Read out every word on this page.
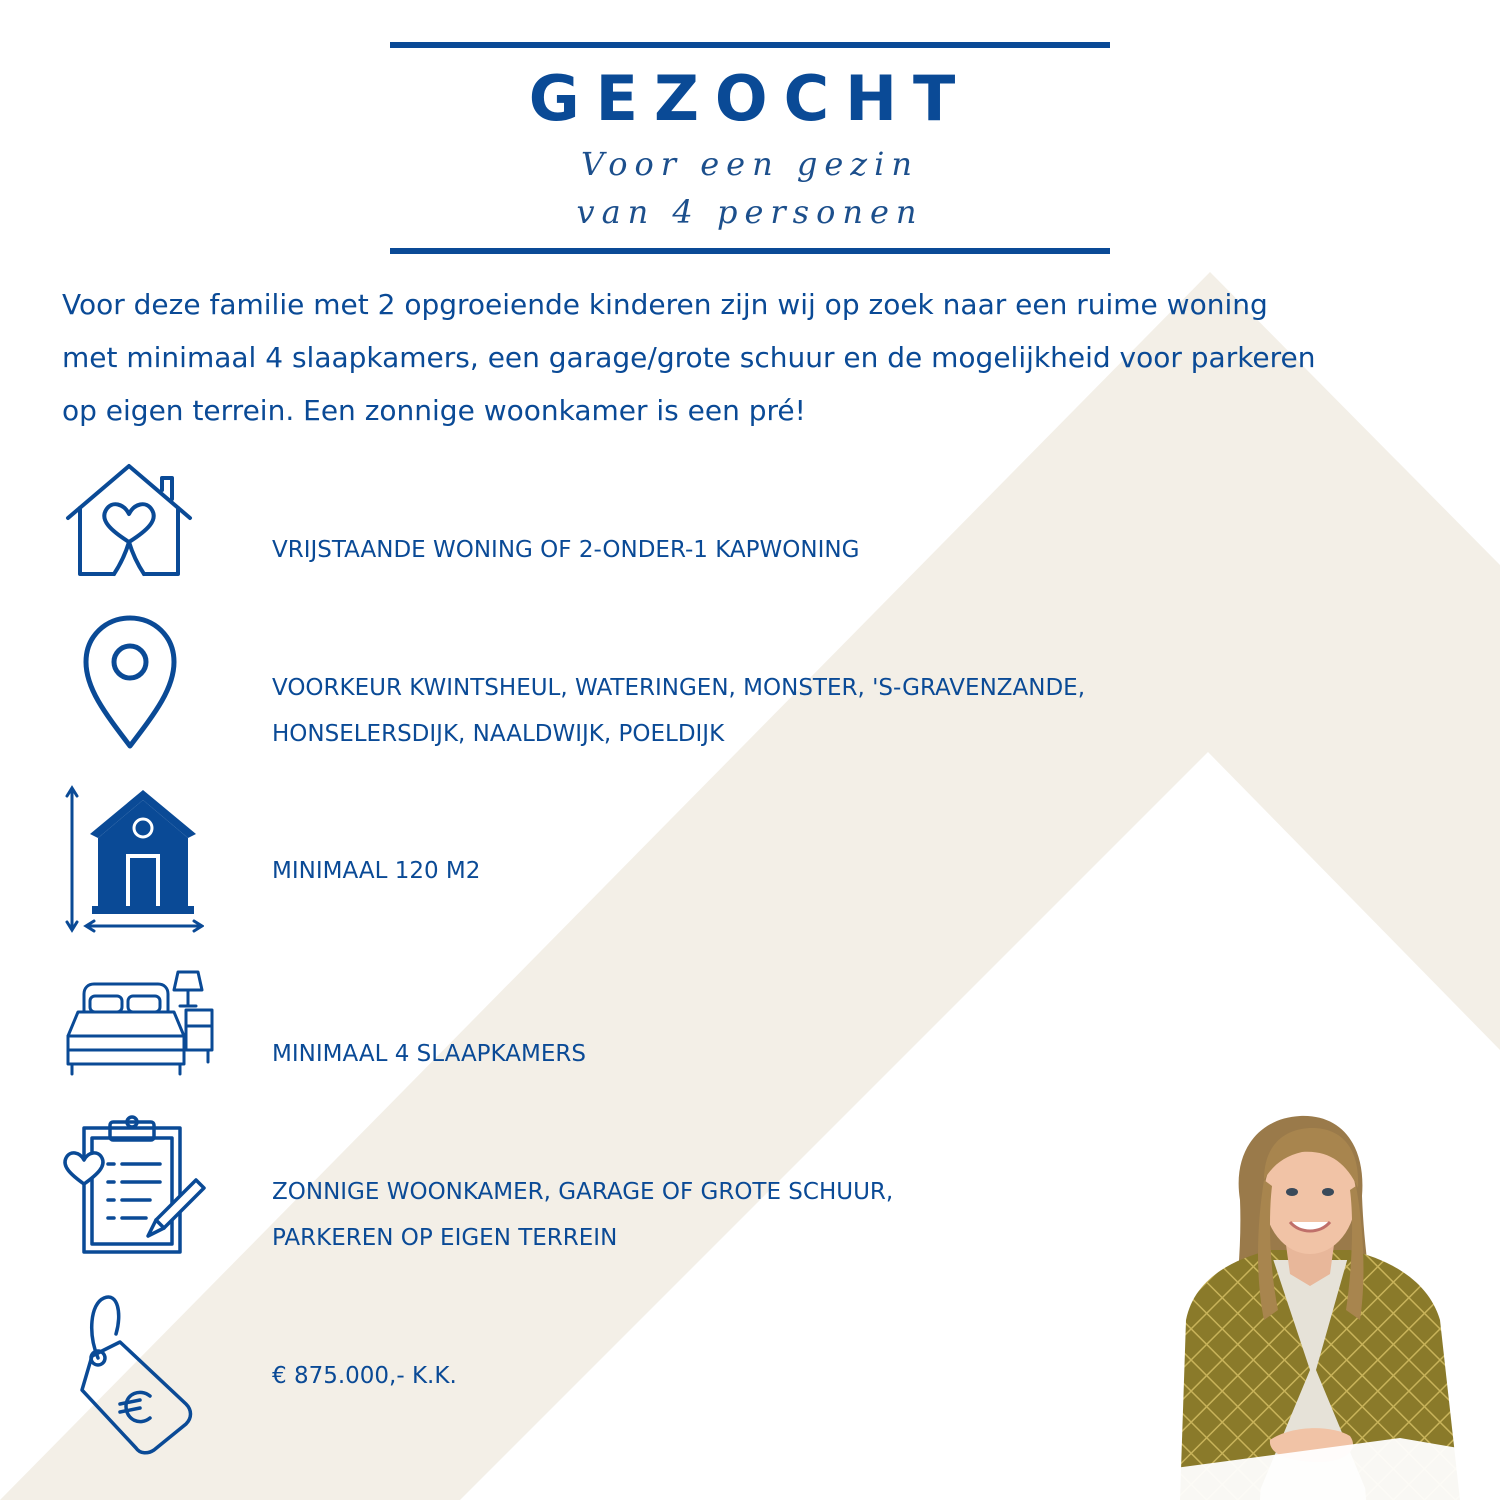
GEZOCHT
Voor een gezin
van 4 personen

Voor deze familie met 2 opgroeiende kinderen zijn wij op zoek naar een ruime woning
met minimaal 4 slaapkamers, een garage/grote schuur en de mogelijkheid voor parkeren
op eigen terrein. Een zonnige woonkamer is een pré!

VRIJSTAANDE WONING OF 2-ONDER-1 KAPWONING

VOORKEUR KWINTSHEUL, WATERINGEN, MONSTER, 'S-GRAVENZANDE,
HONSELERSDIJK, NAALDWIJK, POELDIJK

MINIMAAL 120 M2

MINIMAAL 4 SLAAPKAMERS

ZONNIGE WOONKAMER, GARAGE OF GROTE SCHUUR,
PARKEREN OP EIGEN TERREIN

€ 875.000,- K.K.
